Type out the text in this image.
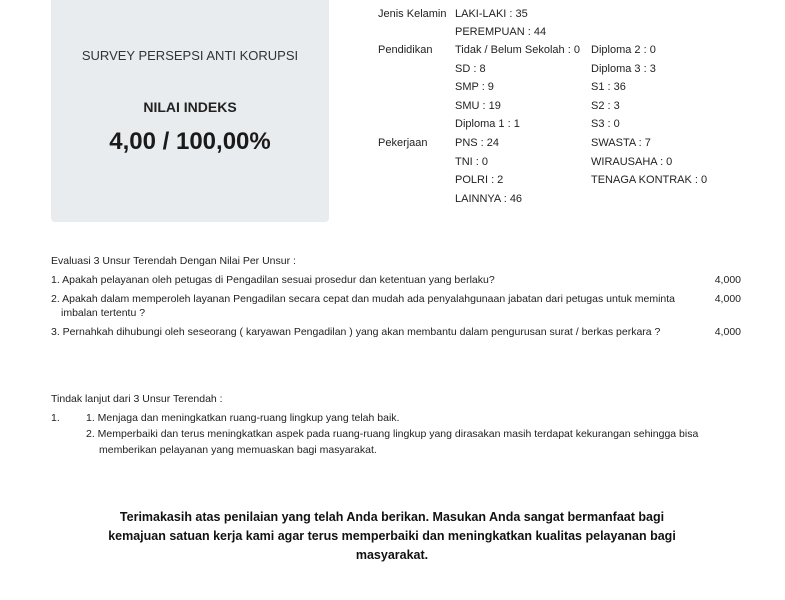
SURVEY PERSEPSI ANTI KORUPSI
NILAI INDEKS
4,00 / 100,00%
Jenis Kelamin LAKI-LAKI : 35
PEREMPUAN : 44
Pendidikan Tidak / Belum Sekolah : 0
SD : 8
SMP : 9
SMU : 19
Diploma 1 : 1
Diploma 2 : 0
Diploma 3 : 3
S1 : 36
S2 : 3
S3 : 0
Pekerjaan PNS : 24
TNI : 0
POLRI : 2
LAINNYA : 46
SWASTA : 7
WIRAUSAHA : 0
TENAGA KONTRAK : 0
Evaluasi 3 Unsur Terendah Dengan Nilai Per Unsur :
1. Apakah pelayanan oleh petugas di Pengadilan sesuai prosedur dan ketentuan yang berlaku?	4,000
2. Apakah dalam memperoleh layanan Pengadilan secara cepat dan mudah ada penyalahgunaan jabatan dari petugas untuk meminta imbalan tertentu ?
4,000
3. Pernahkah dihubungi oleh seseorang ( karyawan Pengadilan ) yang akan membantu dalam pengurusan surat / berkas perkara ?	4,000
Tindak lanjut dari 3 Unsur Terendah :
1. 1. Menjaga dan meningkatkan ruang-ruang lingkup yang telah baik.
2. Memperbaiki dan terus meningkatkan aspek pada ruang-ruang lingkup yang dirasakan masih terdapat kekurangan sehingga bisa memberikan pelayanan yang memuaskan bagi masyarakat.
Terimakasih atas penilaian yang telah Anda berikan. Masukan Anda sangat bermanfaat bagi kemajuan satuan kerja kami agar terus memperbaiki dan meningkatkan kualitas pelayanan bagi masyarakat.
